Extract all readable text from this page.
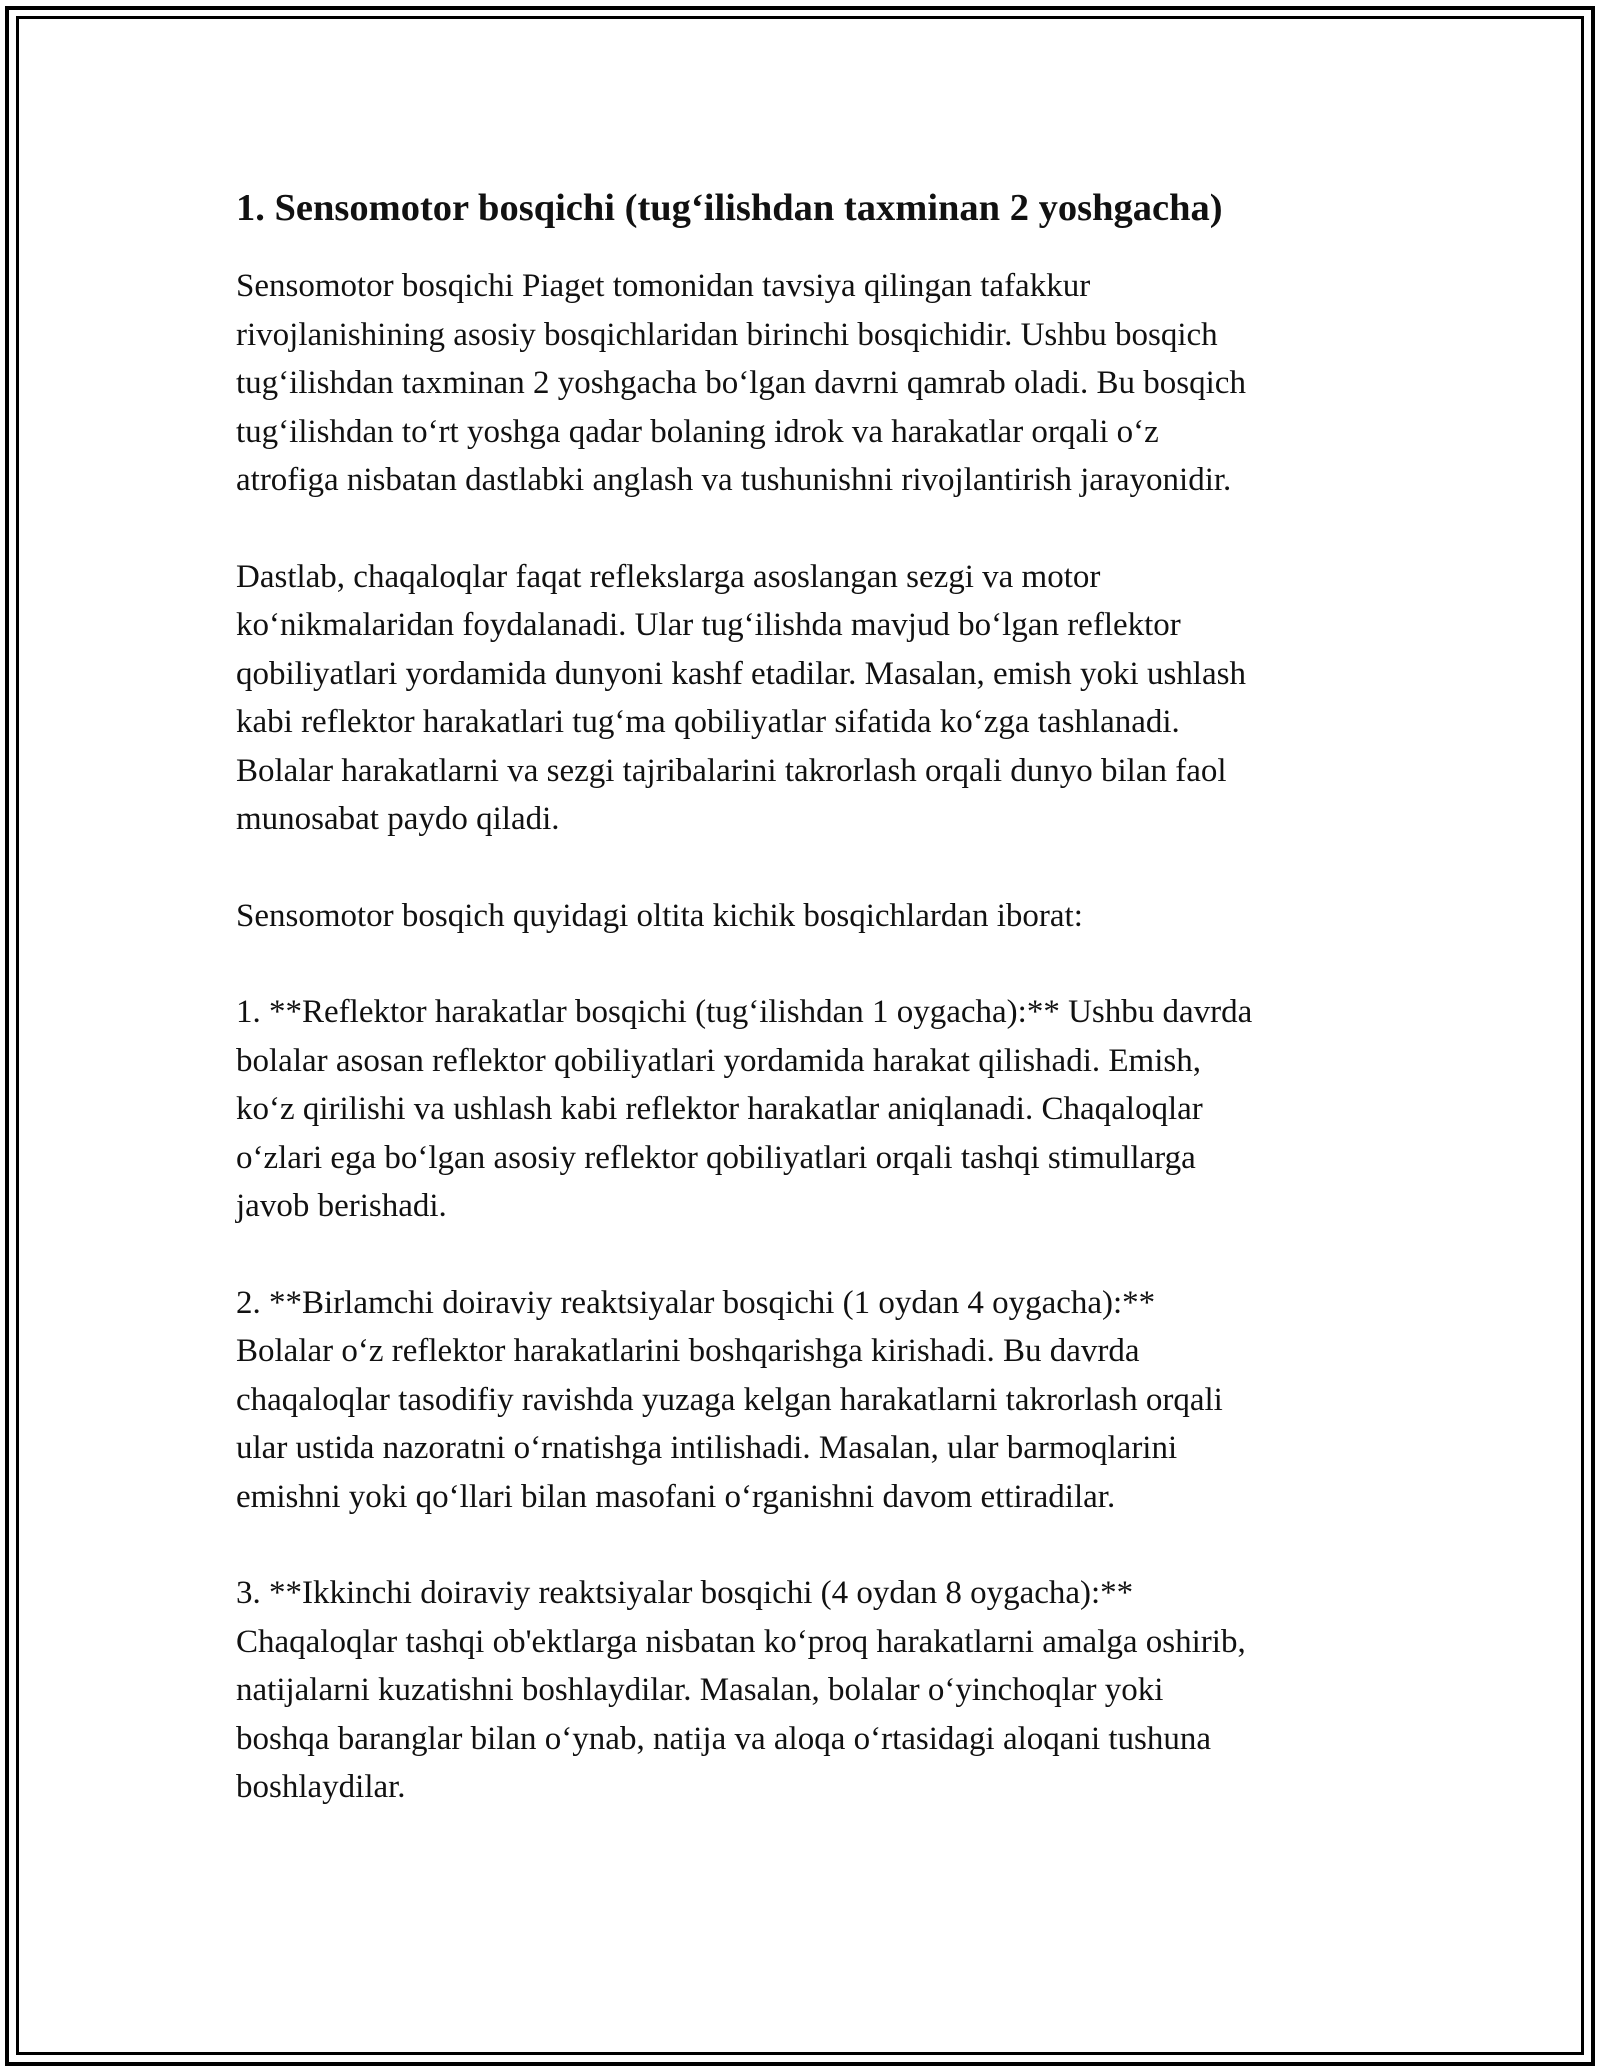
1. Sensomotor bosqichi (tug‘ilishdan taxminan 2 yoshgacha)

Sensomotor bosqichi Piaget tomonidan tavsiya qilingan tafakkur
rivojlanishining asosiy bosqichlaridan birinchi bosqichidir. Ushbu bosqich
tug‘ilishdan taxminan 2 yoshgacha bo‘lgan davrni qamrab oladi. Bu bosqich
tug‘ilishdan to‘rt yoshga qadar bolaning idrok va harakatlar orqali o‘z
atrofiga nisbatan dastlabki anglash va tushunishni rivojlantirish jarayonidir.

Dastlab, chaqaloqlar faqat reflekslarga asoslangan sezgi va motor
ko‘nikmalaridan foydalanadi. Ular tug‘ilishda mavjud bo‘lgan reflektor
qobiliyatlari yordamida dunyoni kashf etadilar. Masalan, emish yoki ushlash
kabi reflektor harakatlari tug‘ma qobiliyatlar sifatida ko‘zga tashlanadi.
Bolalar harakatlarni va sezgi tajribalarini takrorlash orqali dunyo bilan faol
munosabat paydo qiladi.

Sensomotor bosqich quyidagi oltita kichik bosqichlardan iborat:

1. **Reflektor harakatlar bosqichi (tug‘ilishdan 1 oygacha):** Ushbu davrda
bolalar asosan reflektor qobiliyatlari yordamida harakat qilishadi. Emish,
ko‘z qirilishi va ushlash kabi reflektor harakatlar aniqlanadi. Chaqaloqlar
o‘zlari ega bo‘lgan asosiy reflektor qobiliyatlari orqali tashqi stimullarga
javob berishadi.

2. **Birlamchi doiraviy reaktsiyalar bosqichi (1 oydan 4 oygacha):**
Bolalar o‘z reflektor harakatlarini boshqarishga kirishadi. Bu davrda
chaqaloqlar tasodifiy ravishda yuzaga kelgan harakatlarni takrorlash orqali
ular ustida nazoratni o‘rnatishga intilishadi. Masalan, ular barmoqlarini
emishni yoki qo‘llari bilan masofani o‘rganishni davom ettiradilar.

3. **Ikkinchi doiraviy reaktsiyalar bosqichi (4 oydan 8 oygacha):**
Chaqaloqlar tashqi ob'ektlarga nisbatan ko‘proq harakatlarni amalga oshirib,
natijalarni kuzatishni boshlaydilar. Masalan, bolalar o‘yinchoqlar yoki
boshqa baranglar bilan o‘ynab, natija va aloqa o‘rtasidagi aloqani tushuna
boshlaydilar.
